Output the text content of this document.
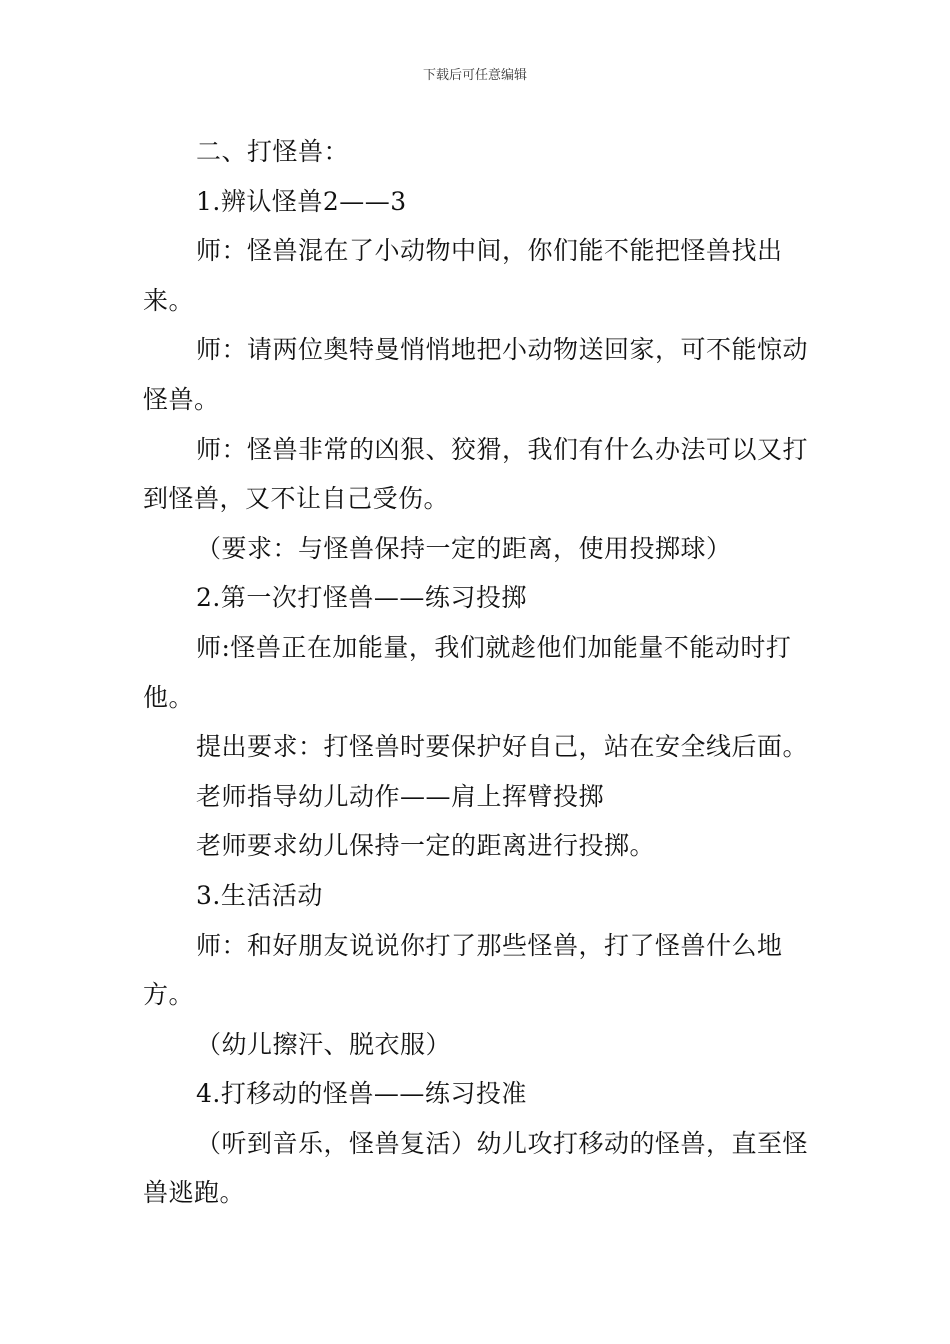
下载后可任意编辑

二、打怪兽：

1.辨认怪兽2——3

师：怪兽混在了小动物中间，你们能不能把怪兽找出来。

师：请两位奥特曼悄悄地把小动物送回家，可不能惊动怪兽。

师：怪兽非常的凶狠、狡猾，我们有什么办法可以又打到怪兽，又不让自己受伤。

（要求：与怪兽保持一定的距离，使用投掷球）

2.第一次打怪兽——练习投掷

师:怪兽正在加能量，我们就趁他们加能量不能动时打他。

提出要求：打怪兽时要保护好自己，站在安全线后面。

老师指导幼儿动作——肩上挥臂投掷

老师要求幼儿保持一定的距离进行投掷。

3.生活活动

师：和好朋友说说你打了那些怪兽，打了怪兽什么地方。

（幼儿擦汗、脱衣服）

4.打移动的怪兽——练习投准

（听到音乐，怪兽复活）幼儿攻打移动的怪兽，直至怪兽逃跑。
